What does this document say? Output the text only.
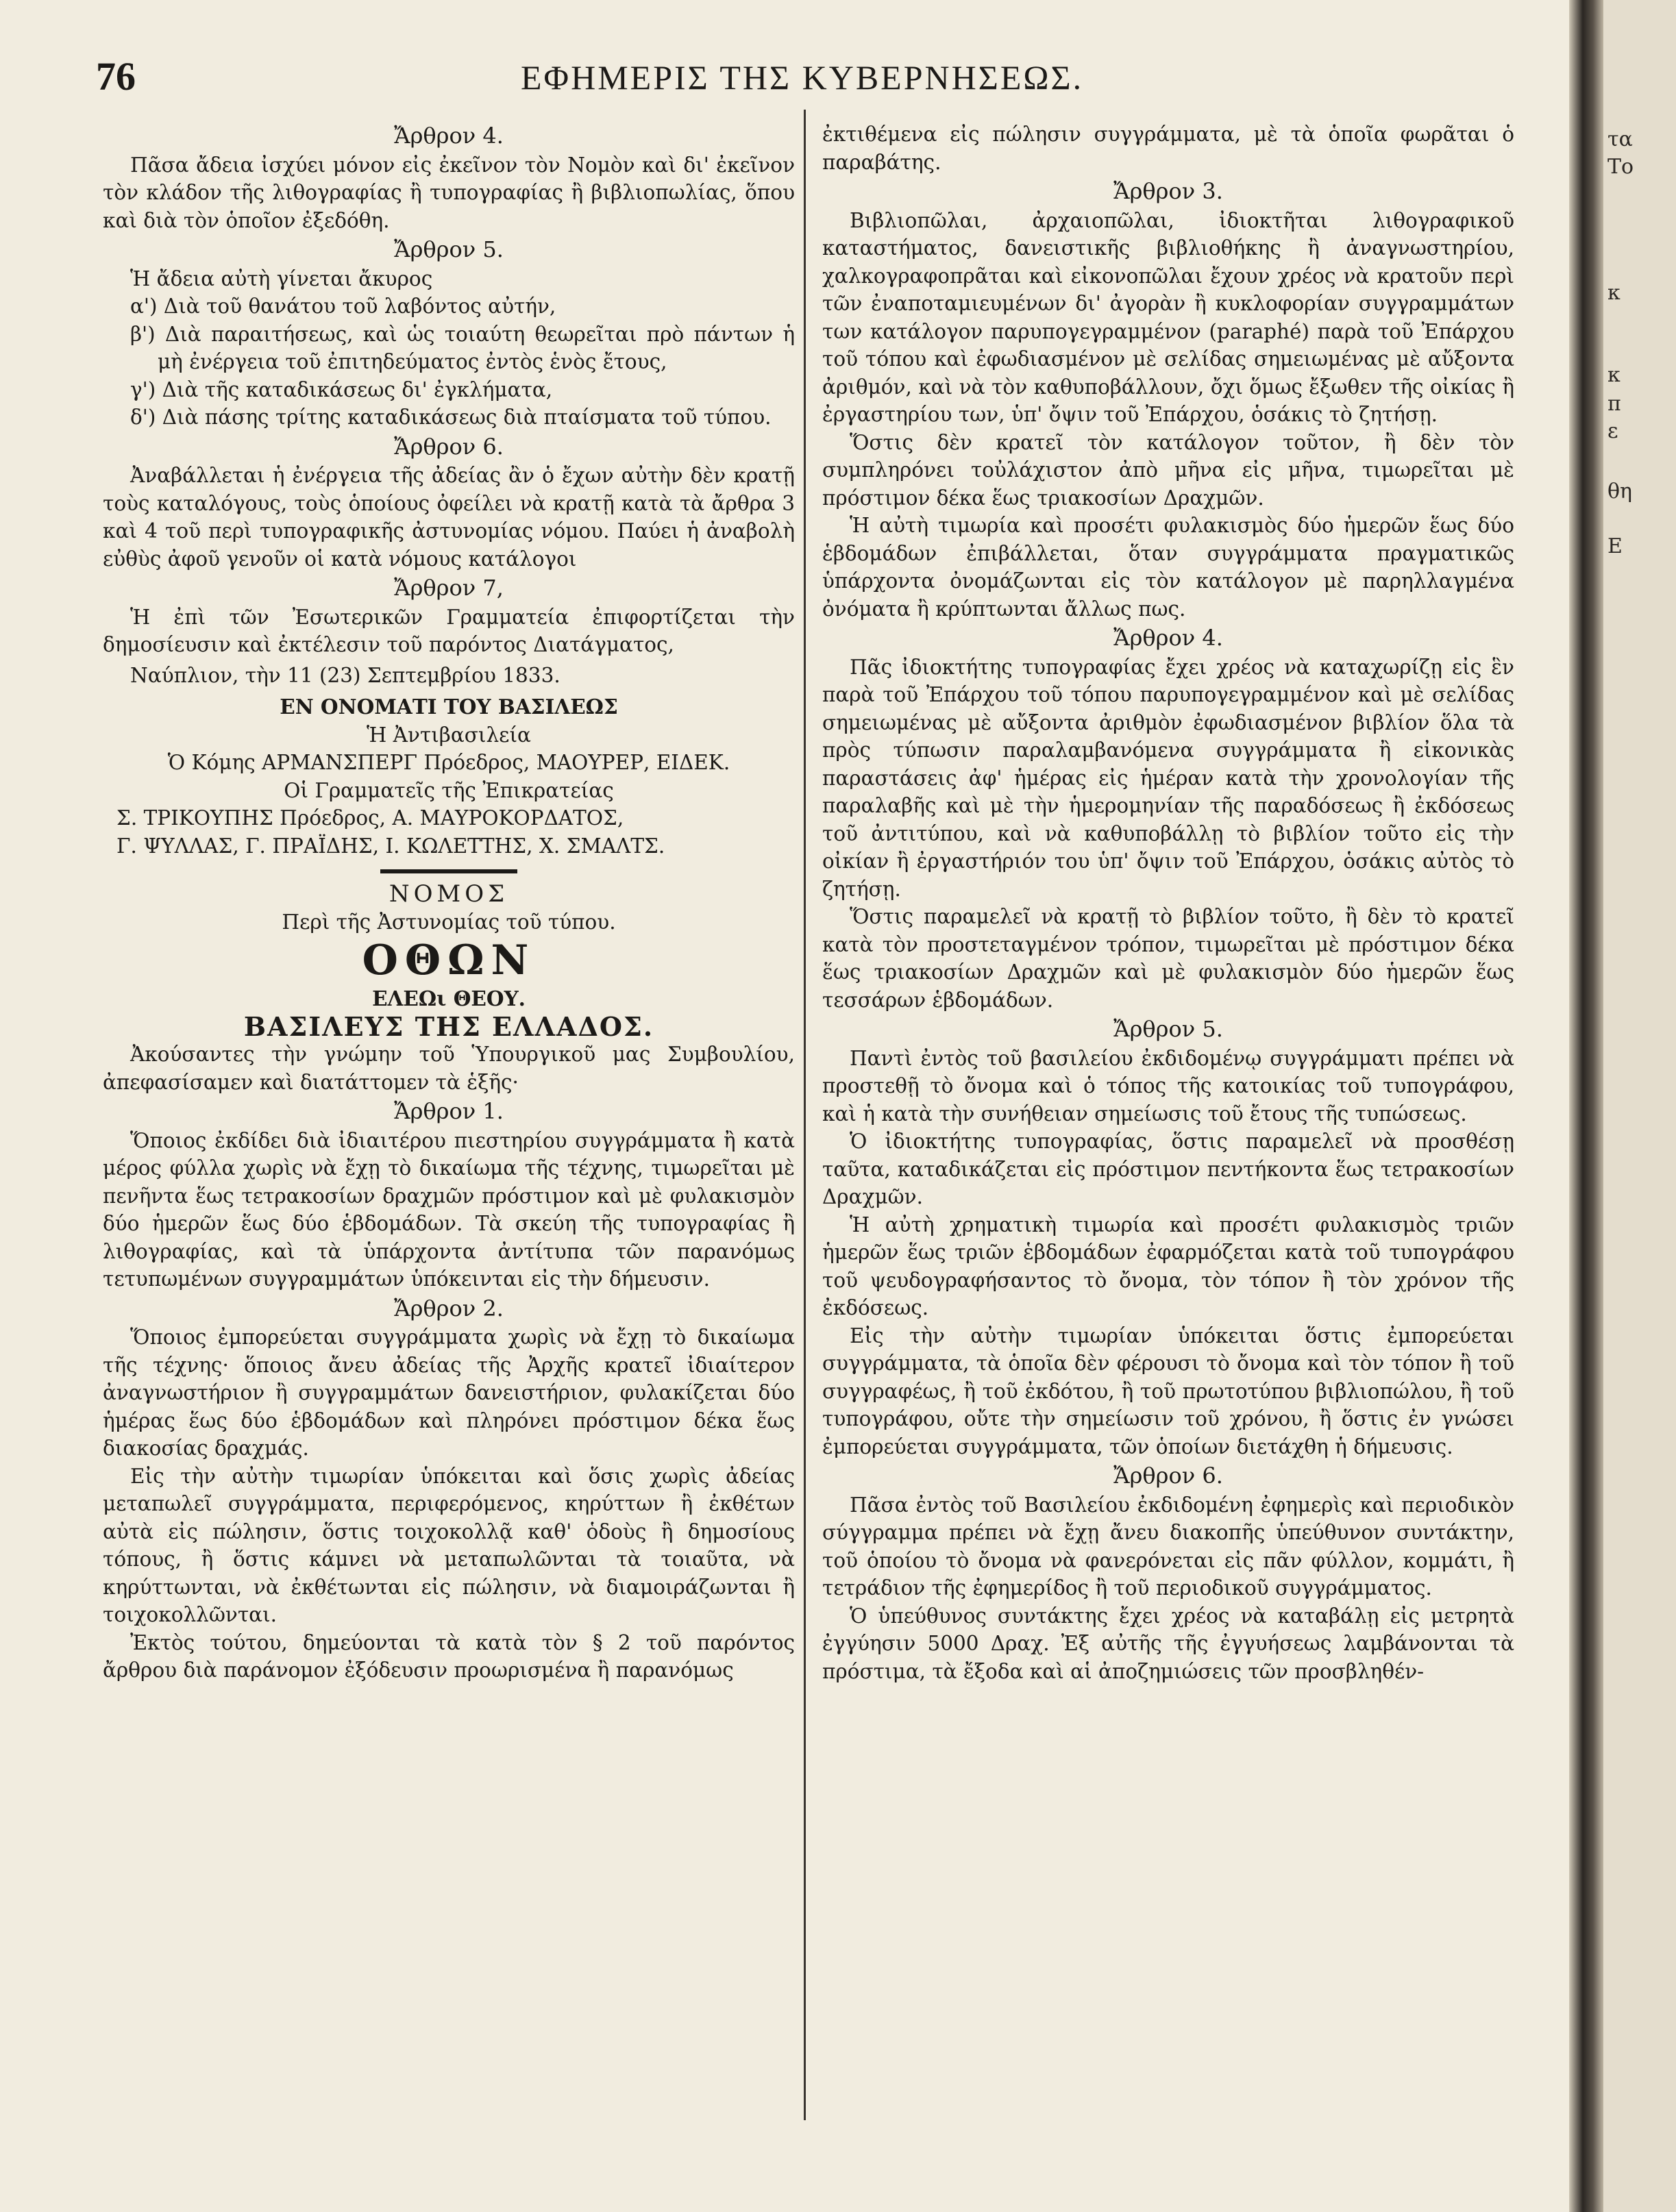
76	ΕΦΗΜΕΡΙΣ ΤΗΣ ΚΥΒΕΡΝΗΣΕΩΣ.
Ἄρθρον 4.

Πᾶσα ἄδεια ἰσχύει μόνον εἰς ἐκεῖνον τὸν Νομὸν καὶ δι' ἐκεῖνον τὸν κλάδον τῆς λιθογραφίας ἢ τυπογραφίας ἢ βιβλιοπωλίας, ὅπου καὶ διὰ τὸν ὁποῖον ἐξεδόθη.

Ἄρθρον 5.

Ἡ ἄδεια αὐτὴ γίνεται ἄκυρος

α') Διὰ τοῦ θανάτου τοῦ λαβόντος αὐτήν,

β') Διὰ παραιτήσεως, καὶ ὡς τοιαύτη θεωρεῖται πρὸ πάντων ἡ μὴ ἐνέργεια τοῦ ἐπιτηδεύματος ἐντὸς ἑνὸς ἔτους,

γ') Διὰ τῆς καταδικάσεως δι' ἐγκλήματα,

δ') Διὰ πάσης τρίτης καταδικάσεως διὰ πταίσματα τοῦ τύπου.

Ἄρθρον 6.

Ἀναβάλλεται ἡ ἐνέργεια τῆς ἀδείας ἂν ὁ ἔχων αὐτὴν δὲν κρατῇ τοὺς καταλόγους, τοὺς ὁποίους ὀφείλει νὰ κρατῇ κατὰ τὰ ἄρθρα 3 καὶ 4 τοῦ περὶ τυπογραφικῆς ἀστυνομίας νόμου. Παύει ἡ ἀναβολὴ εὐθὺς ἀφοῦ γενοῦν οἱ κατὰ νόμους κατάλογοι

Ἄρθρον 7,

Ἡ ἐπὶ τῶν Ἐσωτερικῶν Γραμματεία ἐπιφορτίζεται τὴν δημοσίευσιν καὶ ἐκτέλεσιν τοῦ παρόντος Διατάγματος,

Ναύπλιον, τὴν 11 (23) Σεπτεμβρίου 1833.

ΕΝ ΟΝΟΜΑΤΙ ΤΟΥ ΒΑΣΙΛΕΩΣ

Ἡ Ἀντιβασιλεία

Ὁ Κόμης ΑΡΜΑΝΣΠΕΡΓ Πρόεδρος, ΜΑΟΥΡΕΡ, ΕΙΔΕΚ.

Οἱ Γραμματεῖς τῆς Ἐπικρατείας

Σ. ΤΡΙΚΟΥΠΗΣ Πρόεδρος, Α. ΜΑΥΡΟΚΟΡΔΑΤΟΣ,

Γ. ΨΥΛΛΑΣ, Γ. ΠΡΑΪΔΗΣ, Ι. ΚΩΛΕΤΤΗΣ, Χ. ΣΜΑΛΤΣ.

ΝΟΜΟΣ

Περὶ τῆς Ἀστυνομίας τοῦ τύπου.

ΟΘΩΝ

ΕΛΕΩι ΘΕΟΥ.

ΒΑΣΙΛΕΥΣ ΤΗΣ ΕΛΛΑΔΟΣ.

Ἀκούσαντες τὴν γνώμην τοῦ Ὑπουργικοῦ μας Συμβουλίου, ἀπεφασίσαμεν καὶ διατάττομεν τὰ ἑξῆς·

Ἄρθρον 1.

Ὅποιος ἐκδίδει διὰ ἰδιαιτέρου πιεστηρίου συγγράμματα ἢ κατὰ μέρος φύλλα χωρὶς νὰ ἔχῃ τὸ δικαίωμα τῆς τέχνης, τιμωρεῖται μὲ πενῆντα ἕως τετρακοσίων δραχμῶν πρόστιμον καὶ μὲ φυλακισμὸν δύο ἡμερῶν ἕως δύο ἑβδομάδων. Τὰ σκεύη τῆς τυπογραφίας ἢ λιθογραφίας, καὶ τὰ ὑπάρχοντα ἀντίτυπα τῶν παρανόμως τετυπωμένων συγγραμμάτων ὑπόκεινται εἰς τὴν δήμευσιν.

Ἄρθρον 2.

Ὅποιος ἐμπορεύεται συγγράμματα χωρὶς νὰ ἔχῃ τὸ δικαίωμα τῆς τέχνης· ὅποιος ἄνευ ἀδείας τῆς Ἀρχῆς κρατεῖ ἰδιαίτερον ἀναγνωστήριον ἢ συγγραμμάτων δανειστήριον, φυλακίζεται δύο ἡμέρας ἕως δύο ἑβδομάδων καὶ πληρόνει πρόστιμον δέκα ἕως διακοσίας δραχμάς.

Εἰς τὴν αὐτὴν τιμωρίαν ὑπόκειται καὶ ὅσις χωρὶς ἀδείας μεταπωλεῖ συγγράμματα, περιφερόμενος, κηρύττων ἢ ἐκθέτων αὐτὰ εἰς πώλησιν, ὅστις τοιχοκολλᾷ καθ' ὁδοὺς ἢ δημοσίους τόπους, ἢ ὅστις κάμνει νὰ μεταπωλῶνται τὰ τοιαῦτα, νὰ κηρύττωνται, νὰ ἐκθέτωνται εἰς πώλησιν, νὰ διαμοιράζωνται ἢ τοιχοκολλῶνται.

Ἐκτὸς τούτου, δημεύονται τὰ κατὰ τὸν § 2 τοῦ παρόντος ἄρθρου διὰ παράνομον ἐξόδευσιν προωρισμένα ἢ παρανόμως

ἐκτιθέμενα εἰς πώλησιν συγγράμματα, μὲ τὰ ὁποῖα φωρᾶται ὁ παραβάτης.

Ἄρθρον 3.

Βιβλιοπῶλαι, ἀρχαιοπῶλαι, ἰδιοκτῆται λιθογραφικοῦ καταστήματος, δανειστικῆς βιβλιοθήκης ἢ ἀναγνωστηρίου, χαλκογραφοπρᾶται καὶ εἰκονοπῶλαι ἔχουν χρέος νὰ κρατοῦν περὶ τῶν ἐναποταμιευμένων δι' ἀγορὰν ἢ κυκλοφορίαν συγγραμμάτων των κατάλογον παρυπογεγραμμένον (paraphé) παρὰ τοῦ Ἐπάρχου τοῦ τόπου καὶ ἐφωδιασμένον μὲ σελίδας σημειωμένας μὲ αὔξοντα ἀριθμόν, καὶ νὰ τὸν καθυποβάλλουν, ὄχι ὅμως ἔξωθεν τῆς οἰκίας ἢ ἐργαστηρίου των, ὑπ' ὄψιν τοῦ Ἐπάρχου, ὁσάκις τὸ ζητήσῃ.

Ὅστις δὲν κρατεῖ τὸν κατάλογον τοῦτον, ἢ δὲν τὸν συμπληρόνει τοὐλάχιστον ἀπὸ μῆνα εἰς μῆνα, τιμωρεῖται μὲ πρόστιμον δέκα ἕως τριακοσίων Δραχμῶν.

Ἡ αὐτὴ τιμωρία καὶ προσέτι φυλακισμὸς δύο ἡμερῶν ἕως δύο ἑβδομάδων ἐπιβάλλεται, ὅταν συγγράμματα πραγματικῶς ὑπάρχοντα ὀνομάζωνται εἰς τὸν κατάλογον μὲ παρηλλαγμένα ὀνόματα ἢ κρύπτωνται ἄλλως πως.

Ἄρθρον 4.

Πᾶς ἰδιοκτήτης τυπογραφίας ἔχει χρέος νὰ καταχωρίζῃ εἰς ἓν παρὰ τοῦ Ἐπάρχου τοῦ τόπου παρυπογεγραμμένον καὶ μὲ σελίδας σημειωμένας μὲ αὔξοντα ἀριθμὸν ἐφωδιασμένον βιβλίον ὅλα τὰ πρὸς τύπωσιν παραλαμβανόμενα συγγράμματα ἢ εἰκονικὰς παραστάσεις ἀφ' ἡμέρας εἰς ἡμέραν κατὰ τὴν χρονολογίαν τῆς παραλαβῆς καὶ μὲ τὴν ἡμερομηνίαν τῆς παραδόσεως ἢ ἐκδόσεως τοῦ ἀντιτύπου, καὶ νὰ καθυποβάλλῃ τὸ βιβλίον τοῦτο εἰς τὴν οἰκίαν ἢ ἐργαστήριόν του ὑπ' ὄψιν τοῦ Ἐπάρχου, ὁσάκις αὐτὸς τὸ ζητήσῃ.

Ὅστις παραμελεῖ νὰ κρατῇ τὸ βιβλίον τοῦτο, ἢ δὲν τὸ κρατεῖ κατὰ τὸν προστεταγμένον τρόπον, τιμωρεῖται μὲ πρόστιμον δέκα ἕως τριακοσίων Δραχμῶν καὶ μὲ φυλακισμὸν δύο ἡμερῶν ἕως τεσσάρων ἑβδομάδων.

Ἄρθρον 5.

Παντὶ ἐντὸς τοῦ βασιλείου ἐκδιδομένῳ συγγράμματι πρέπει νὰ προστεθῇ τὸ ὄνομα καὶ ὁ τόπος τῆς κατοικίας τοῦ τυπογράφου, καὶ ἡ κατὰ τὴν συνήθειαν σημείωσις τοῦ ἔτους τῆς τυπώσεως.

Ὁ ἰδιοκτήτης τυπογραφίας, ὅστις παραμελεῖ νὰ προσθέσῃ ταῦτα, καταδικάζεται εἰς πρόστιμον πεντήκοντα ἕως τετρακοσίων Δραχμῶν.

Ἡ αὐτὴ χρηματικὴ τιμωρία καὶ προσέτι φυλακισμὸς τριῶν ἡμερῶν ἕως τριῶν ἑβδομάδων ἐφαρμόζεται κατὰ τοῦ τυπογράφου τοῦ ψευδογραφήσαντος τὸ ὄνομα, τὸν τόπον ἢ τὸν χρόνον τῆς ἐκδόσεως.

Εἰς τὴν αὐτὴν τιμωρίαν ὑπόκειται ὅστις ἐμπορεύεται συγγράμματα, τὰ ὁποῖα δὲν φέρουσι τὸ ὄνομα καὶ τὸν τόπον ἢ τοῦ συγγραφέως, ἢ τοῦ ἐκδότου, ἢ τοῦ πρωτοτύπου βιβλιοπώλου, ἢ τοῦ τυπογράφου, οὔτε τὴν σημείωσιν τοῦ χρόνου, ἢ ὅστις ἐν γνώσει ἐμπορεύεται συγγράμματα, τῶν ὁποίων διετάχθη ἡ δήμευσις.

Ἄρθρον 6.

Πᾶσα ἐντὸς τοῦ Βασιλείου ἐκδιδομένη ἐφημερὶς καὶ περιοδικὸν σύγγραμμα πρέπει νὰ ἔχῃ ἄνευ διακοπῆς ὑπεύθυνον συντάκτην, τοῦ ὁποίου τὸ ὄνομα νὰ φανερόνεται εἰς πᾶν φύλλον, κομμάτι, ἢ τετράδιον τῆς ἐφημερίδος ἢ τοῦ περιοδικοῦ συγγράμματος.

Ὁ ὑπεύθυνος συντάκτης ἔχει χρέος νὰ καταβάλῃ εἰς μετρητὰ ἐγγύησιν 5000 Δραχ. Ἐξ αὐτῆς τῆς ἐγγυήσεως λαμβάνονται τὰ πρόστιμα, τὰ ἔξοδα καὶ αἱ ἀποζημιώσεις τῶν προσβληθέν-

τα
Το
κ
κ
π
ε
θη
Ε
